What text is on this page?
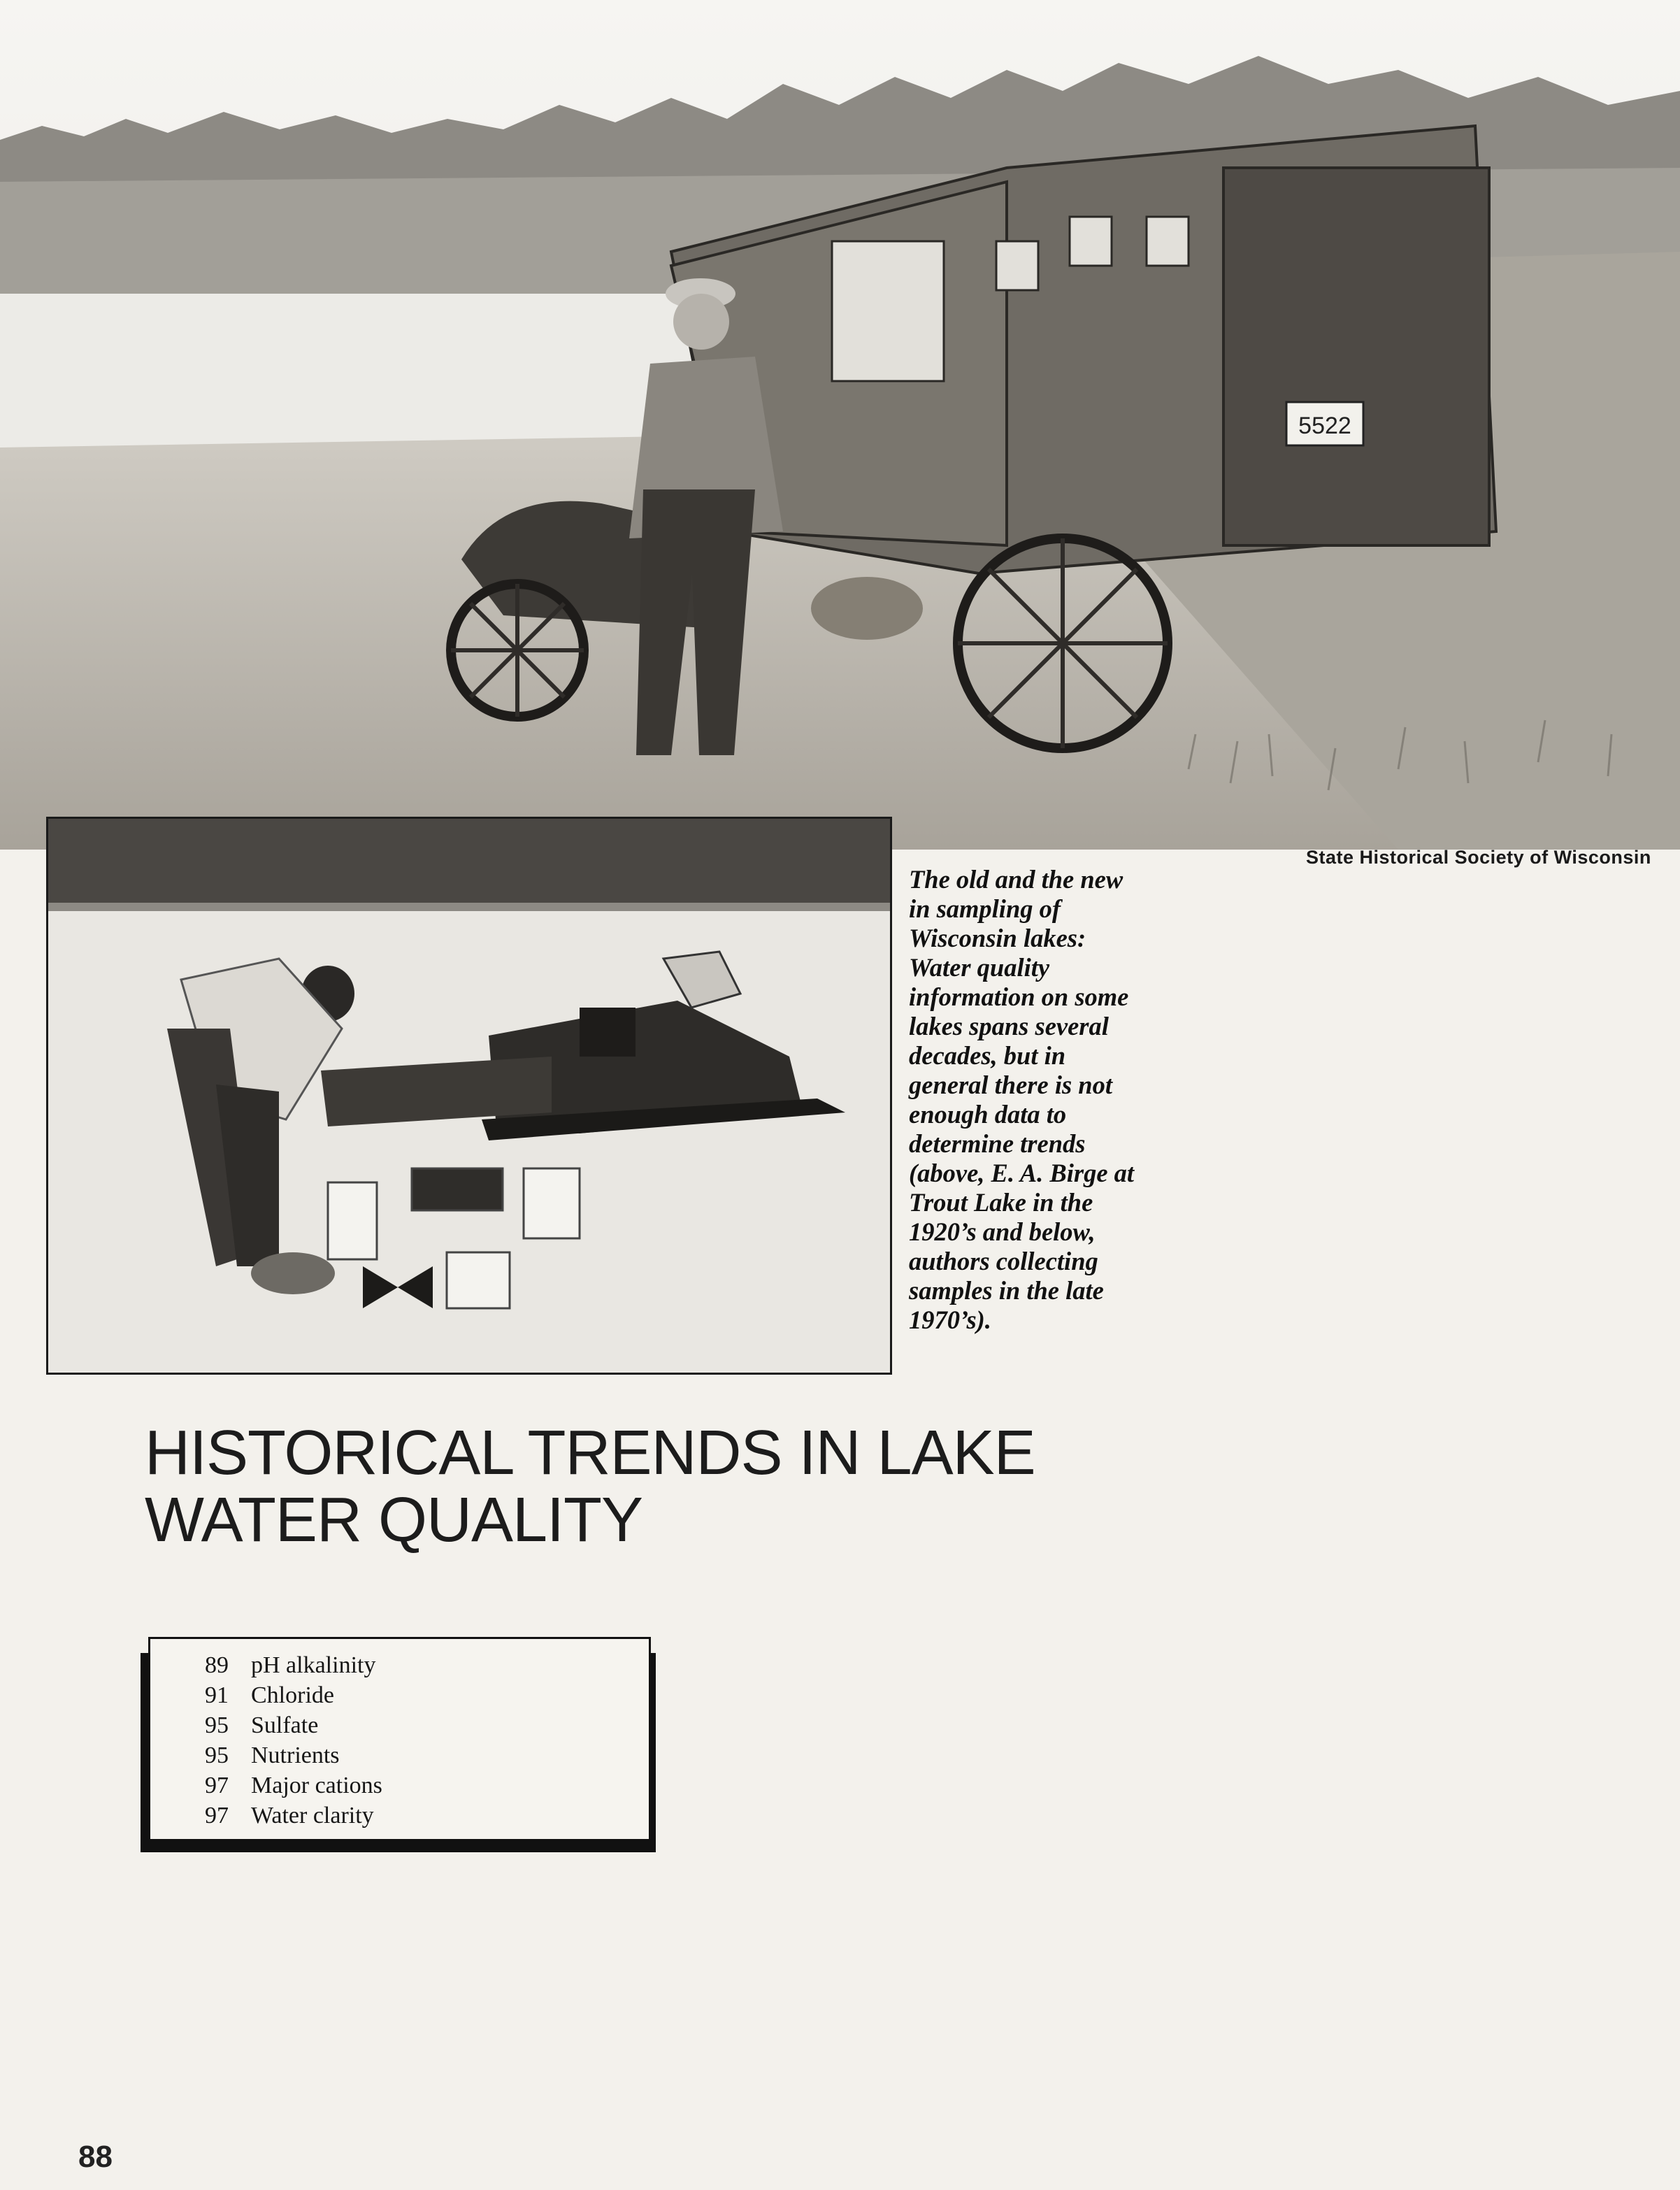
5522
State Historical Society of Wisconsin
The old and the new
in sampling of
Wisconsin lakes:
Water quality
information on some
lakes spans several
decades, but in
general there is not
enough data to
determine trends
(above, E. A. Birge at
Trout Lake in the
1920’s and below,
authors collecting
samples in the late
1970’s).
HISTORICAL TRENDS IN LAKE
WATER QUALITY
89 pH alkalinity
91 Chloride
95 Sulfate
95 Nutrients
97 Major cations
97 Water clarity
88
